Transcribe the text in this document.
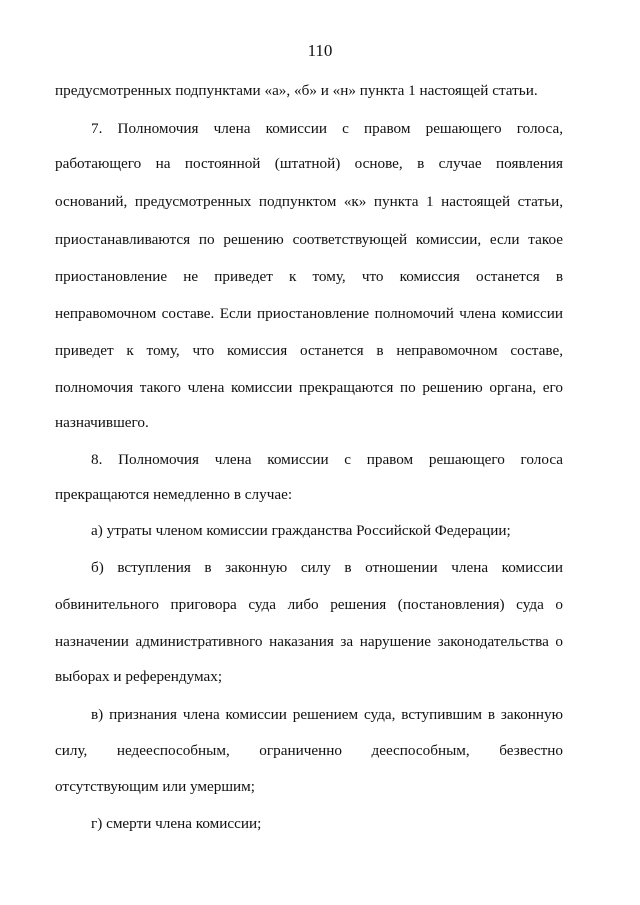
110
предусмотренных подпунктами «а», «б» и «н» пункта 1 настоящей статьи.
7. Полномочия члена комиссии с правом решающего голоса,
работающего на постоянной (штатной) основе, в случае появления
оснований, предусмотренных подпунктом «к» пункта 1 настоящей статьи,
приостанавливаются по решению соответствующей комиссии, если такое
приостановление не приведет к тому, что комиссия останется в
неправомочном составе. Если приостановление полномочий члена комиссии
приведет к тому, что комиссия останется в неправомочном составе,
полномочия такого члена комиссии прекращаются по решению органа, его
назначившего.
8. Полномочия члена комиссии с правом решающего голоса
прекращаются немедленно в случае:
а) утраты членом комиссии гражданства Российской Федерации;
б) вступления в законную силу в отношении члена комиссии
обвинительного приговора суда либо решения (постановления) суда о
назначении административного наказания за нарушение законодательства о
выборах и референдумах;
в) признания члена комиссии решением суда, вступившим в законную
силу, недееспособным, ограниченно дееспособным, безвестно
отсутствующим или умершим;
г) смерти члена комиссии;
